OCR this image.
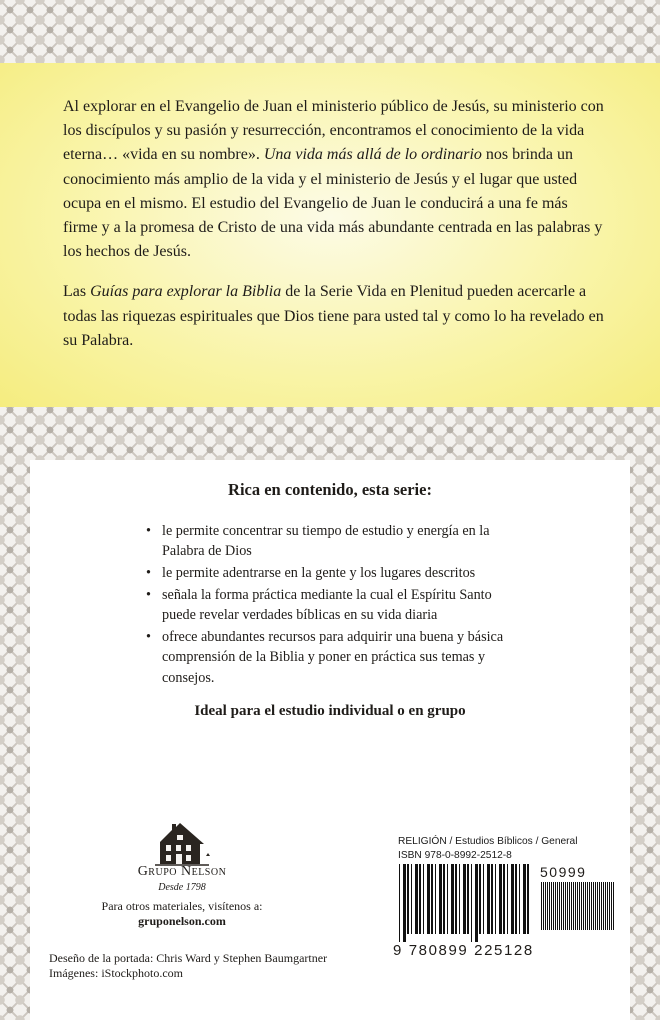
Al explorar en el Evangelio de Juan el ministerio público de Jesús, su ministerio con los discípulos y su pasión y resurrección, encontramos el conocimiento de la vida eterna… «vida en su nombre». Una vida más allá de lo ordinario nos brinda un conocimiento más amplio de la vida y el ministerio de Jesús y el lugar que usted ocupa en el mismo. El estudio del Evangelio de Juan le conducirá a una fe más firme y a la promesa de Cristo de una vida más abundante centrada en las palabras y los hechos de Jesús.

Las Guías para explorar la Biblia de la Serie Vida en Plenitud pueden acercarle a todas las riquezas espirituales que Dios tiene para usted tal y como lo ha revelado en su Palabra.

Rica en contenido, esta serie:
• le permite concentrar su tiempo de estudio y energía en la Palabra de Dios
• le permite adentrarse en la gente y los lugares descritos
• señala la forma práctica mediante la cual el Espíritu Santo puede revelar verdades bíblicas en su vida diaria
• ofrece abundantes recursos para adquirir una buena y básica comprensión de la Biblia y poner en práctica sus temas y consejos.
Ideal para el estudio individual o en grupo
Grupo Nelson
Desde 1798
Para otros materiales, visítenos a:
gruponelson.com
Deseño de la portada: Chris Ward y Stephen Baumgartner
Imágenes: iStockphoto.com
RELIGIÓN / Estudios Bíblicos / General
ISBN 978-0-8992-2512-8
50999
9 780899 225128
